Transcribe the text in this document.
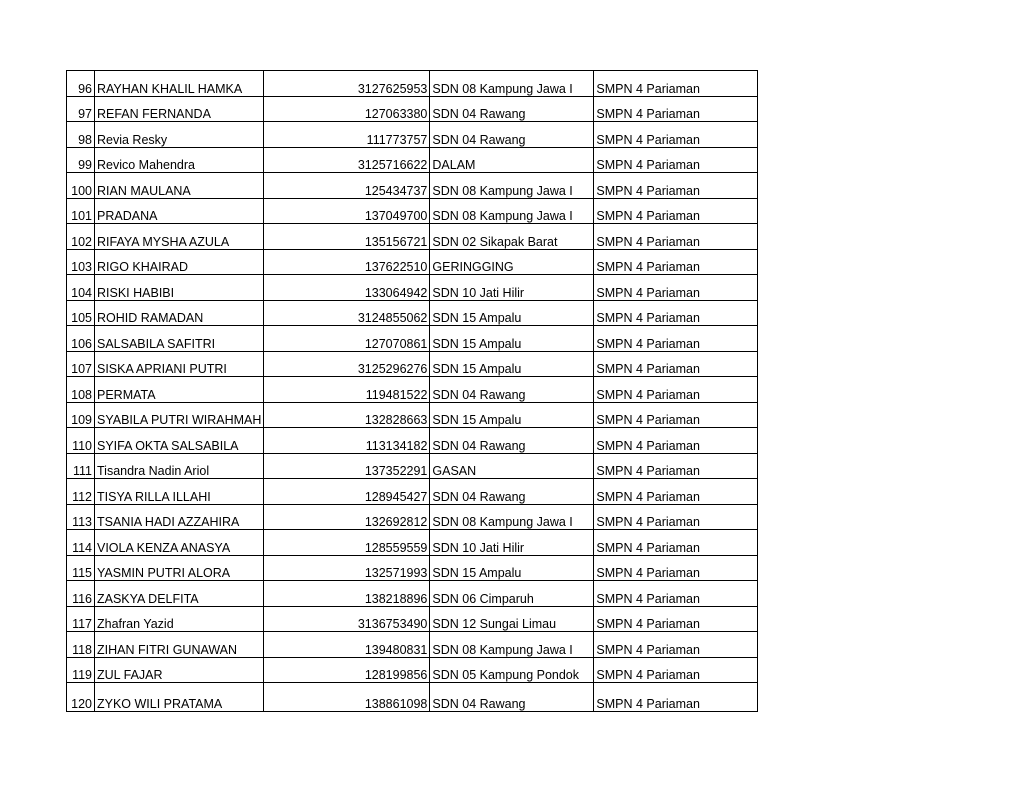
96	RAYHAN KHALIL HAMKA	3127625953	SDN 08 Kampung Jawa I	SMPN 4 Pariaman
97	REFAN FERNANDA	127063380	SDN 04 Rawang	SMPN 4 Pariaman
98	Revia Resky	111773757	SDN 04 Rawang	SMPN 4 Pariaman
99	Revico Mahendra	3125716622	DALAM	SMPN 4 Pariaman
100	RIAN MAULANA	125434737	SDN 08 Kampung Jawa I	SMPN 4 Pariaman
101	PRADANA	137049700	SDN 08 Kampung Jawa I	SMPN 4 Pariaman
102	RIFAYA MYSHA AZULA	135156721	SDN 02 Sikapak Barat	SMPN 4 Pariaman
103	RIGO KHAIRAD	137622510	GERINGGING	SMPN 4 Pariaman
104	RISKI HABIBI	133064942	SDN 10 Jati Hilir	SMPN 4 Pariaman
105	ROHID RAMADAN	3124855062	SDN 15 Ampalu	SMPN 4 Pariaman
106	SALSABILA SAFITRI	127070861	SDN 15 Ampalu	SMPN 4 Pariaman
107	SISKA APRIANI PUTRI	3125296276	SDN 15 Ampalu	SMPN 4 Pariaman
108	PERMATA	119481522	SDN 04 Rawang	SMPN 4 Pariaman
109	SYABILA PUTRI WIRAHMAH	132828663	SDN 15 Ampalu	SMPN 4 Pariaman
110	SYIFA OKTA SALSABILA	113134182	SDN 04 Rawang	SMPN 4 Pariaman
111	Tisandra Nadin Ariol	137352291	GASAN	SMPN 4 Pariaman
112	TISYA RILLA ILLAHI	128945427	SDN 04 Rawang	SMPN 4 Pariaman
113	TSANIA HADI AZZAHIRA	132692812	SDN 08 Kampung Jawa I	SMPN 4 Pariaman
114	VIOLA KENZA ANASYA	128559559	SDN 10 Jati Hilir	SMPN 4 Pariaman
115	YASMIN PUTRI ALORA	132571993	SDN 15 Ampalu	SMPN 4 Pariaman
116	ZASKYA DELFITA	138218896	SDN 06 Cimparuh	SMPN 4 Pariaman
117	Zhafran Yazid	3136753490	SDN 12 Sungai Limau	SMPN 4 Pariaman
118	ZIHAN FITRI GUNAWAN	139480831	SDN 08 Kampung Jawa I	SMPN 4 Pariaman
119	ZUL FAJAR	128199856	SDN 05 Kampung Pondok	SMPN 4 Pariaman
120	ZYKO WILI PRATAMA	138861098	SDN 04 Rawang	SMPN 4 Pariaman
